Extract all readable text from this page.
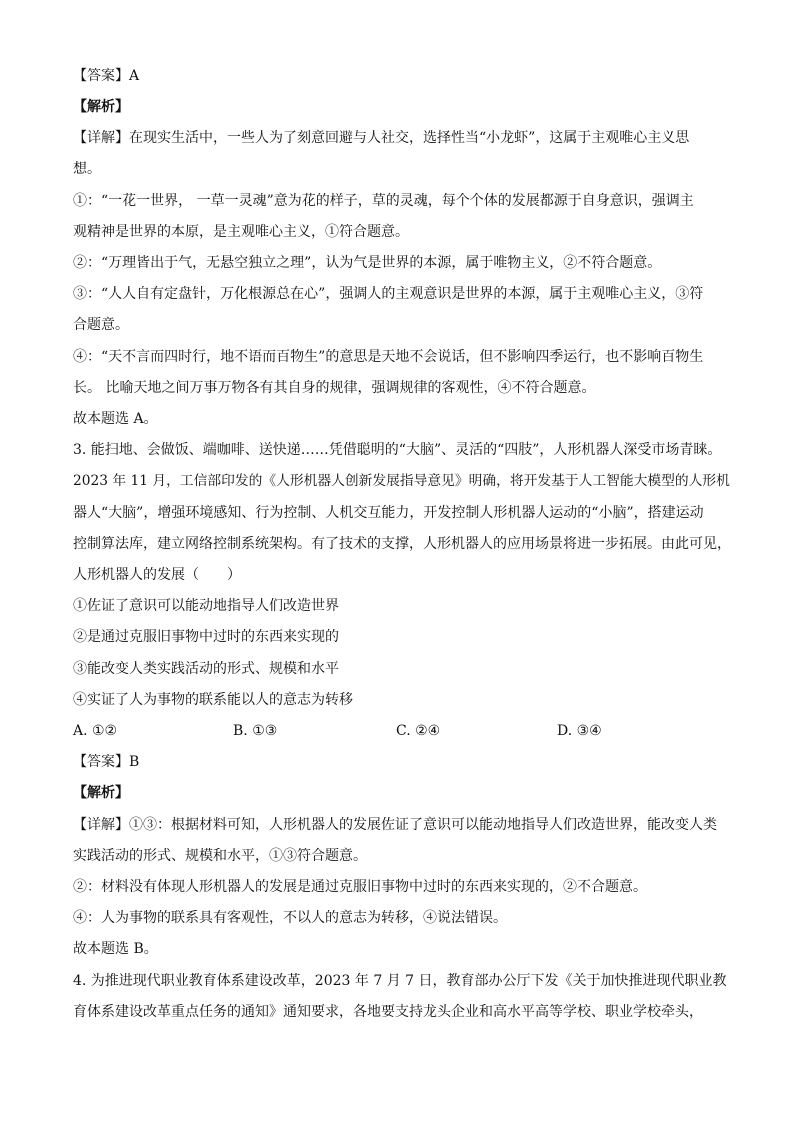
【答案】A
【解析】
【详解】在现实生活中，一些人为了刻意回避与人社交，选择性当“小龙虾”，这属于主观唯心主义思
想。
①：“一花一世界， 一草一灵魂”意为花的样子，草的灵魂，每个个体的发展都源于自身意识，强调主
观精神是世界的本原，是主观唯心主义，①符合题意。
②：“万理皆出于气，无悬空独立之理”，认为气是世界的本源，属于唯物主义，②不符合题意。
③：“人人自有定盘针，万化根源总在心”，强调人的主观意识是世界的本源，属于主观唯心主义，③符
合题意。
④：“天不言而四时行，地不语而百物生”的意思是天地不会说话，但不影响四季运行，也不影响百物生
长。 比喻天地之间万事万物各有其自身的规律，强调规律的客观性，④不符合题意。
故本题选 A。
3. 能扫地、会做饭、端咖啡、送快递……凭借聪明的“大脑”、灵活的“四肢”，人形机器人深受市场青睐。
2023 年 11 月，工信部印发的《人形机器人创新发展指导意见》明确，将开发基于人工智能大模型的人形机
器人“大脑”，增强环境感知、行为控制、人机交互能力，开发控制人形机器人运动的“小脑”，搭建运动
控制算法库，建立网络控制系统架构。有了技术的支撑，人形机器人的应用场景将进一步拓展。由此可见，
人形机器人的发展（　　）
①佐证了意识可以能动地指导人们改造世界
②是通过克服旧事物中过时的东西来实现的
③能改变人类实践活动的形式、规模和水平
④实证了人为事物的联系能以人的意志为转移
A. ①②	B. ①③	C. ②④	D. ③④
【答案】B
【解析】
【详解】①③：根据材料可知，人形机器人的发展佐证了意识可以能动地指导人们改造世界，能改变人类
实践活动的形式、规模和水平，①③符合题意。
②：材料没有体现人形机器人的发展是通过克服旧事物中过时的东西来实现的，②不合题意。
④：人为事物的联系具有客观性，不以人的意志为转移，④说法错误。
故本题选 B。
4. 为推进现代职业教育体系建设改革，2023 年 7 月 7 日，教育部办公厅下发《关于加快推进现代职业教
育体系建设改革重点任务的通知》通知要求，各地要支持龙头企业和高水平高等学校、职业学校牵头，
